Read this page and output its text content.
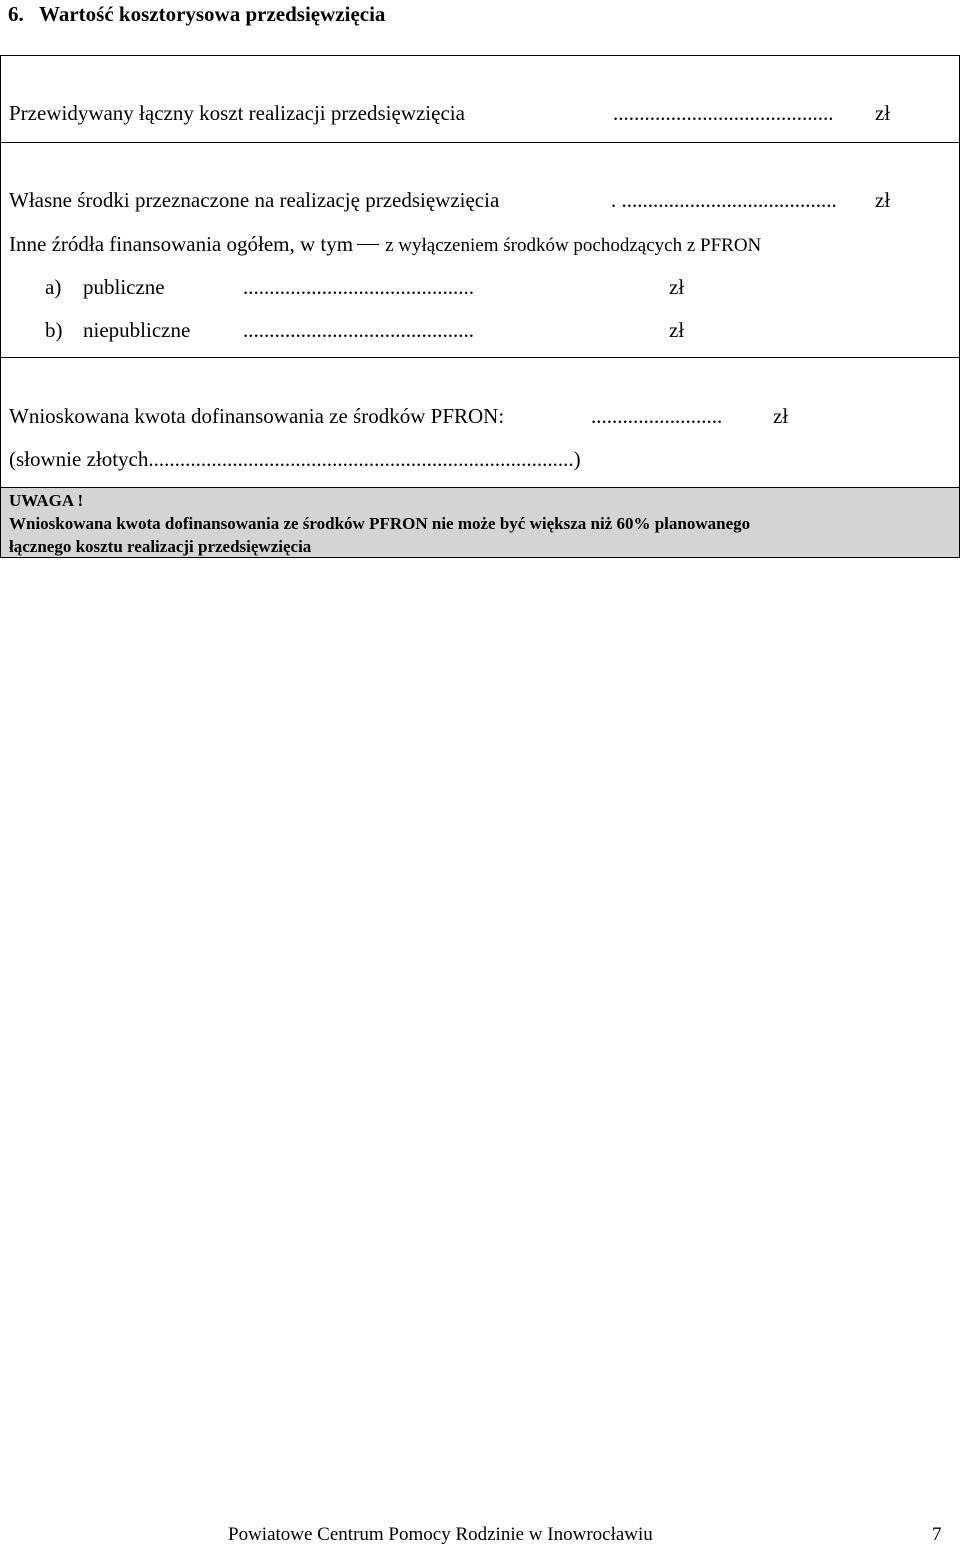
6. Wartość kosztorysowa przedsięwzięcia
Przewidywany łączny koszt realizacji przedsięwzięcia	.......................................... zł
Własne środki przeznaczone na realizację przedsięwzięcia	. ......................................... zł
Inne źródła finansowania ogółem, w tym z wyłączeniem środków pochodzących z PFRON
a) publiczne	............................................	zł
b) niepubliczne	............................................	zł
Wnioskowana kwota dofinansowania ze środków PFRON:	......................... zł
(słownie złotych.................................................................................)
UWAGA !
Wnioskowana kwota dofinansowania ze środków PFRON nie może być większa niż 60% planowanego
łącznego kosztu realizacji przedsięwzięcia
Powiatowe Centrum Pomocy Rodzinie w Inowrocławiu	7
